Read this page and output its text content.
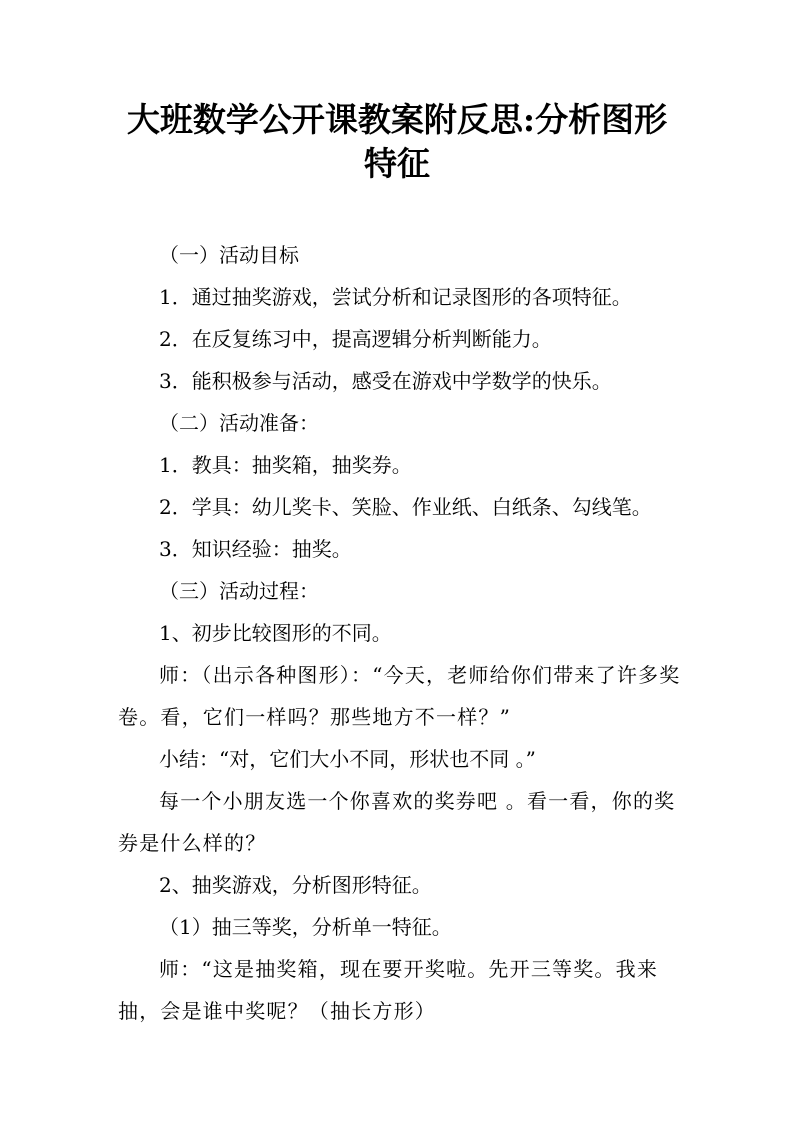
大班数学公开课教案附反思:分析图形
特征

（一）活动目标

1．通过抽奖游戏，尝试分析和记录图形的各项特征。

2．在反复练习中，提高逻辑分析判断能力。

3．能积极参与活动，感受在游戏中学数学的快乐。

（二）活动准备：

1．教具：抽奖箱，抽奖券。

2．学具：幼儿奖卡、笑脸、作业纸、白纸条、勾线笔。

3．知识经验：抽奖。

（三）活动过程：

1、初步比较图形的不同。

师：（出示各种图形）：“今天，老师给你们带来了许多奖卷。看，它们一样吗？那些地方不一样？”

小结：“对，它们大小不同，形状也不同 。”

每一个小朋友选一个你喜欢的奖券吧 。看一看，你的奖券是什么样的？

2、抽奖游戏，分析图形特征。

（1）抽三等奖，分析单一特征。

师：“这是抽奖箱，现在要开奖啦。先开三等奖。我来抽，会是谁中奖呢？（抽长方形）
